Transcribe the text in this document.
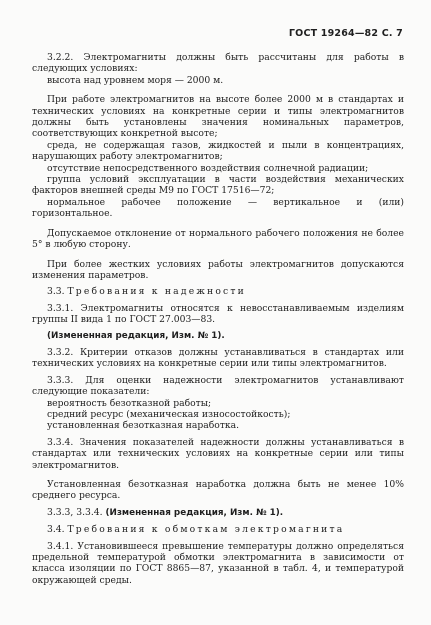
ГОСТ 19264—82 С. 7

3.2.2. Электромагниты должны быть рассчитаны для работы в следующих условиях:

высота над уровнем моря — 2000 м.

При работе электромагнитов на высоте более 2000 м в стандартах и технических условиях на конкретные серии и типы электромагнитов должны быть установлены значения номинальных параметров, соответствующих конкретной высоте;

среда, не содержащая газов, жидкостей и пыли в концентрациях, нарушающих работу электромагнитов;

отсутствие непосредственного воздействия солнечной радиации;

группа условий эксплуатации в части воздействия механических факторов внешней среды М9 по ГОСТ 17516—72;

нормальное рабочее положение — вертикальное и (или) горизонтальное.

Допускаемое отклонение от нормального рабочего положения не более 5° в любую сторону.

При более жестких условиях работы электромагнитов допускаются изменения параметров.

3.3. Требования к надежности

3.3.1. Электромагниты относятся к невосстанавливаемым изделиям группы II вида 1 по ГОСТ 27.003—83.

(Измененная редакция, Изм. № 1).

3.3.2. Критерии отказов должны устанавливаться в стандартах или технических условиях на конкретные серии или типы электромагнитов.

3.3.3. Для оценки надежности электромагнитов устанавливают следующие показатели:

вероятность безотказной работы;

средний ресурс (механическая износостойкость);

установленная безотказная наработка.

3.3.4. Значения показателей надежности должны устанавливаться в стандартах или технических условиях на конкретные серии или типы электромагнитов.

Установленная безотказная наработка должна быть не менее 10% среднего ресурса.

3.3.3, 3.3.4. (Измененная редакция, Изм. № 1).

3.4. Требования к обмоткам электромагнита

3.4.1. Установившееся превышение температуры должно определяться предельной температурой обмотки электромагнита в зависимости от класса изоляции по ГОСТ 8865—87, указанной в табл. 4, и температурой окружающей среды.
